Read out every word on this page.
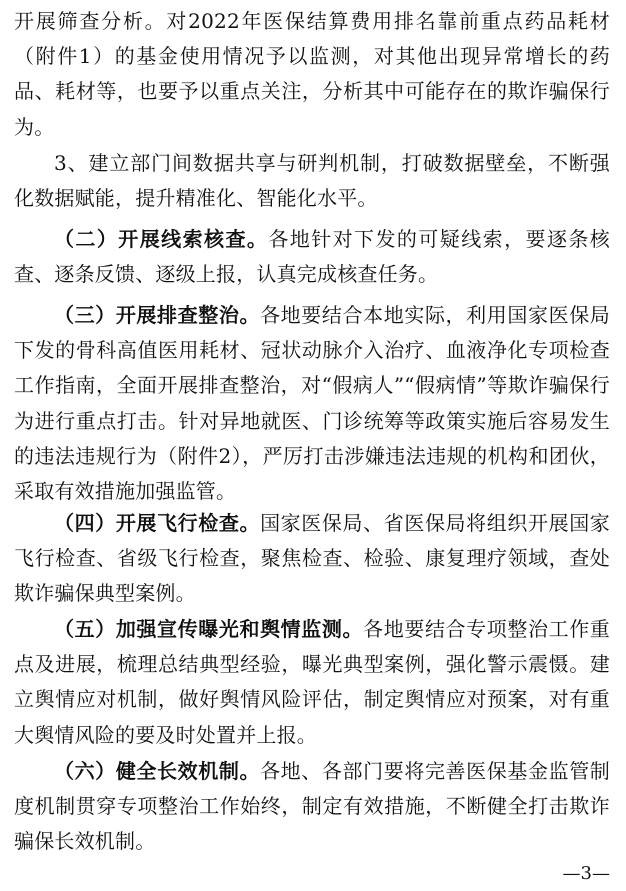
开展筛查分析。对2022年医保结算费用排名靠前重点药品耗材（附件1）的基金使用情况予以监测，对其他出现异常增长的药品、耗材等，也要予以重点关注，分析其中可能存在的欺诈骗保行为。

3、建立部门间数据共享与研判机制，打破数据壁垒，不断强化数据赋能，提升精准化、智能化水平。

（二）开展线索核查。各地针对下发的可疑线索，要逐条核查、逐条反馈、逐级上报，认真完成核查任务。

（三）开展排查整治。各地要结合本地实际，利用国家医保局下发的骨科高值医用耗材、冠状动脉介入治疗、血液净化专项检查工作指南，全面开展排查整治，对“假病人”“假病情”等欺诈骗保行为进行重点打击。针对异地就医、门诊统筹等政策实施后容易发生的违法违规行为（附件2），严厉打击涉嫌违法违规的机构和团伙，采取有效措施加强监管。

（四）开展飞行检查。国家医保局、省医保局将组织开展国家飞行检查、省级飞行检查，聚焦检查、检验、康复理疗领域，查处欺诈骗保典型案例。

（五）加强宣传曝光和舆情监测。各地要结合专项整治工作重点及进展，梳理总结典型经验，曝光典型案例，强化警示震慑。建立舆情应对机制，做好舆情风险评估，制定舆情应对预案，对有重大舆情风险的要及时处置并上报。

（六）健全长效机制。各地、各部门要将完善医保基金监管制度机制贯穿专项整治工作始终，制定有效措施，不断健全打击欺诈骗保长效机制。

—3—
